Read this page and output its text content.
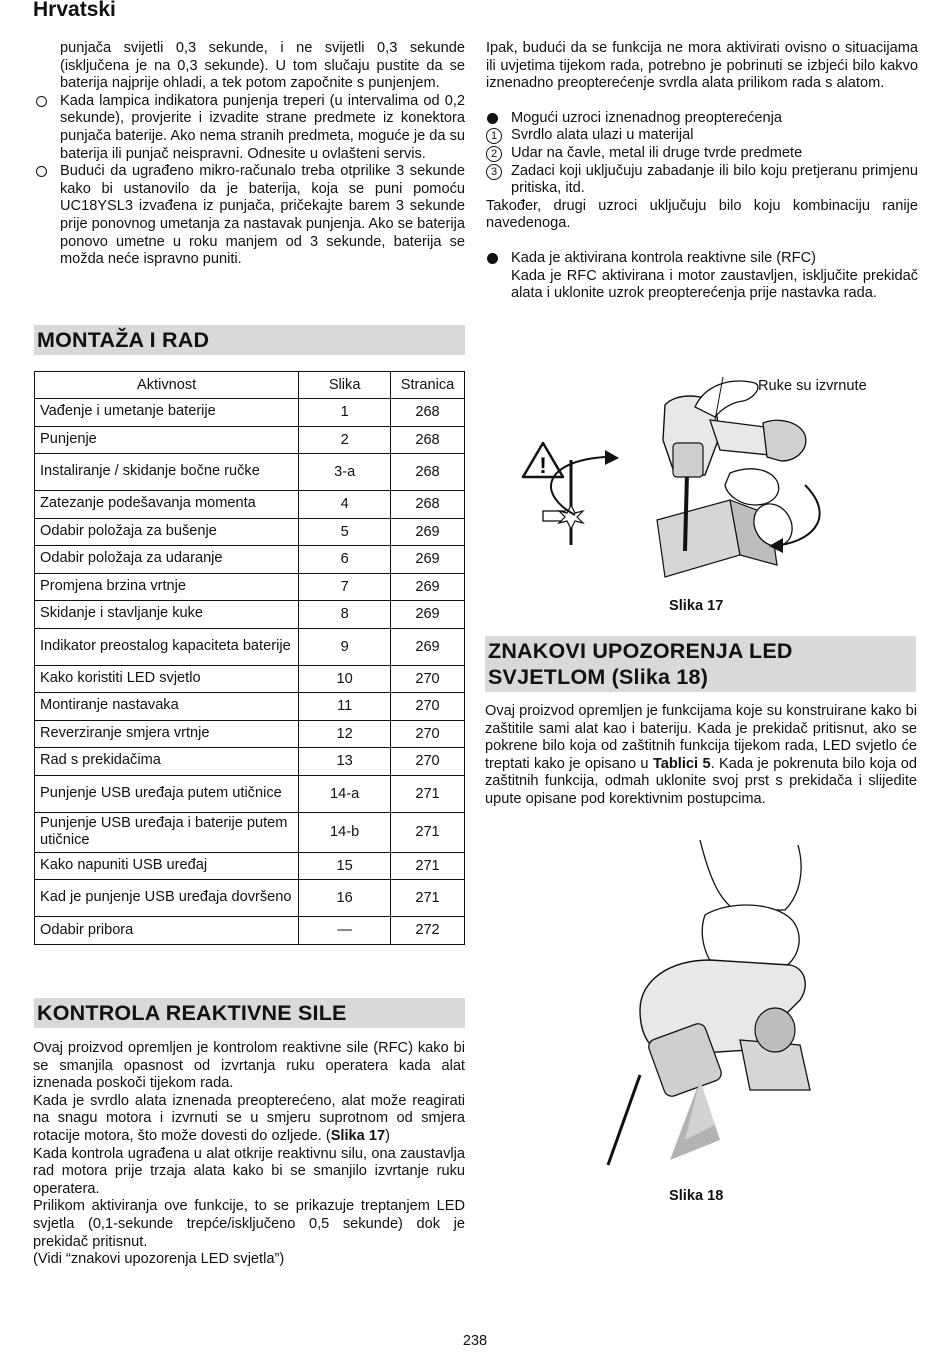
Hrvatski

punjača svijetli 0,3 sekunde, i ne svijetli 0,3 sekunde (isključena je na 0,3 sekunde). U tom slučaju pustite da se baterija najprije ohladi, a tek potom započnite s punjenjem.

Kada lampica indikatora punjenja treperi (u intervalima od 0,2 sekunde), provjerite i izvadite strane predmete iz konektora punjača baterije. Ako nema stranih predmeta, moguće je da su baterija ili punjač neispravni. Odnesite u ovlašteni servis.
Budući da ugrađeno mikro-računalo treba otprilike 3 sekunde kako bi ustanovilo da je baterija, koja se puni pomoću UC18YSL3 izvađena iz punjača, pričekajte barem 3 sekunde prije ponovnog umetanja za nastavak punjenja. Ako se baterija ponovo umetne u roku manjem od 3 sekunde, baterija se možda neće ispravno puniti.
MONTAŽA I RAD
Aktivnost	Slika	Stranica
Vađenje i umetanje baterije	1	268
Punjenje	2	268
Instaliranje / skidanje bočne ručke	3-a	268
Zatezanje podešavanja momenta	4	268
Odabir položaja za bušenje	5	269
Odabir položaja za udaranje	6	269
Promjena brzina vrtnje	7	269
Skidanje i stavljanje kuke	8	269
Indikator preostalog kapaciteta baterije	9	269
Kako koristiti LED svjetlo	10	270
Montiranje nastavaka	11	270
Reverziranje smjera vrtnje	12	270
Rad s prekidačima	13	270
Punjenje USB uređaja putem utičnice	14-a	271
Punjenje USB uređaja i baterije putem utičnice	14-b	271
Kako napuniti USB uređaj	15	271
Kad je punjenje USB uređaja dovršeno	16	271
Odabir pribora	—	272
KONTROLA REAKTIVNE SILE

Ovaj proizvod opremljen je kontrolom reaktivne sile (RFC) kako bi se smanjila opasnost od izvrtanja ruku operatera kada alat iznenada poskoči tijekom rada.

Kada je svrdlo alata iznenada preopterećeno, alat može reagirati na snagu motora i izvrnuti se u smjeru suprotnom od smjera rotacije motora, što može dovesti do ozljede. (Slika 17)

Kada kontrola ugrađena u alat otkrije reaktivnu silu, ona zaustavlja rad motora prije trzaja alata kako bi se smanjilo izvrtanje ruku operatera.

Prilikom aktiviranja ove funkcije, to se prikazuje treptanjem LED svjetla (0,1-sekunde trepće/isključeno 0,5 sekunde) dok je prekidač pritisnut.

(Vidi “znakovi upozorenja LED svjetla”)

Ipak, budući da se funkcija ne mora aktivirati ovisno o situacijama ili uvjetima tijekom rada, potrebno je pobrinuti se izbjeći bilo kakvo iznenadno preopterećenje svrdla alata prilikom rada s alatom.

Mogući uzroci iznenadnog preopterećenja
1 Svrdlo alata ulazi u materijal
2 Udar na čavle, metal ili druge tvrde predmete
3 Zadaci koji uključuju zabadanje ili bilo koju pretjeranu primjenu pritiska, itd.

Također, drugi uzroci uključuju bilo koju kombinaciju ranije navedenoga.

Kada je aktivirana kontrola reaktivne sile (RFC)

Kada je RFC aktivirana i motor zaustavljen, isključite prekidač alata i uklonite uzrok preopterećenja prije nastavka rada.

!
Ruke su izvrnute
Slika 17
ZNAKOVI UPOZORENJA LED SVJETLOM (Slika 18)

Ovaj proizvod opremljen je funkcijama koje su konstruirane kako bi zaštitile sami alat kao i bateriju. Kada je prekidač pritisnut, ako se pokrene bilo koja od zaštitnih funkcija tijekom rada, LED svjetlo će treptati kako je opisano u Tablici 5. Kada je pokrenuta bilo koja od zaštitnih funkcija, odmah uklonite svoj prst s prekidača i slijedite upute opisane pod korektivnim postupcima.

Slika 18
238
